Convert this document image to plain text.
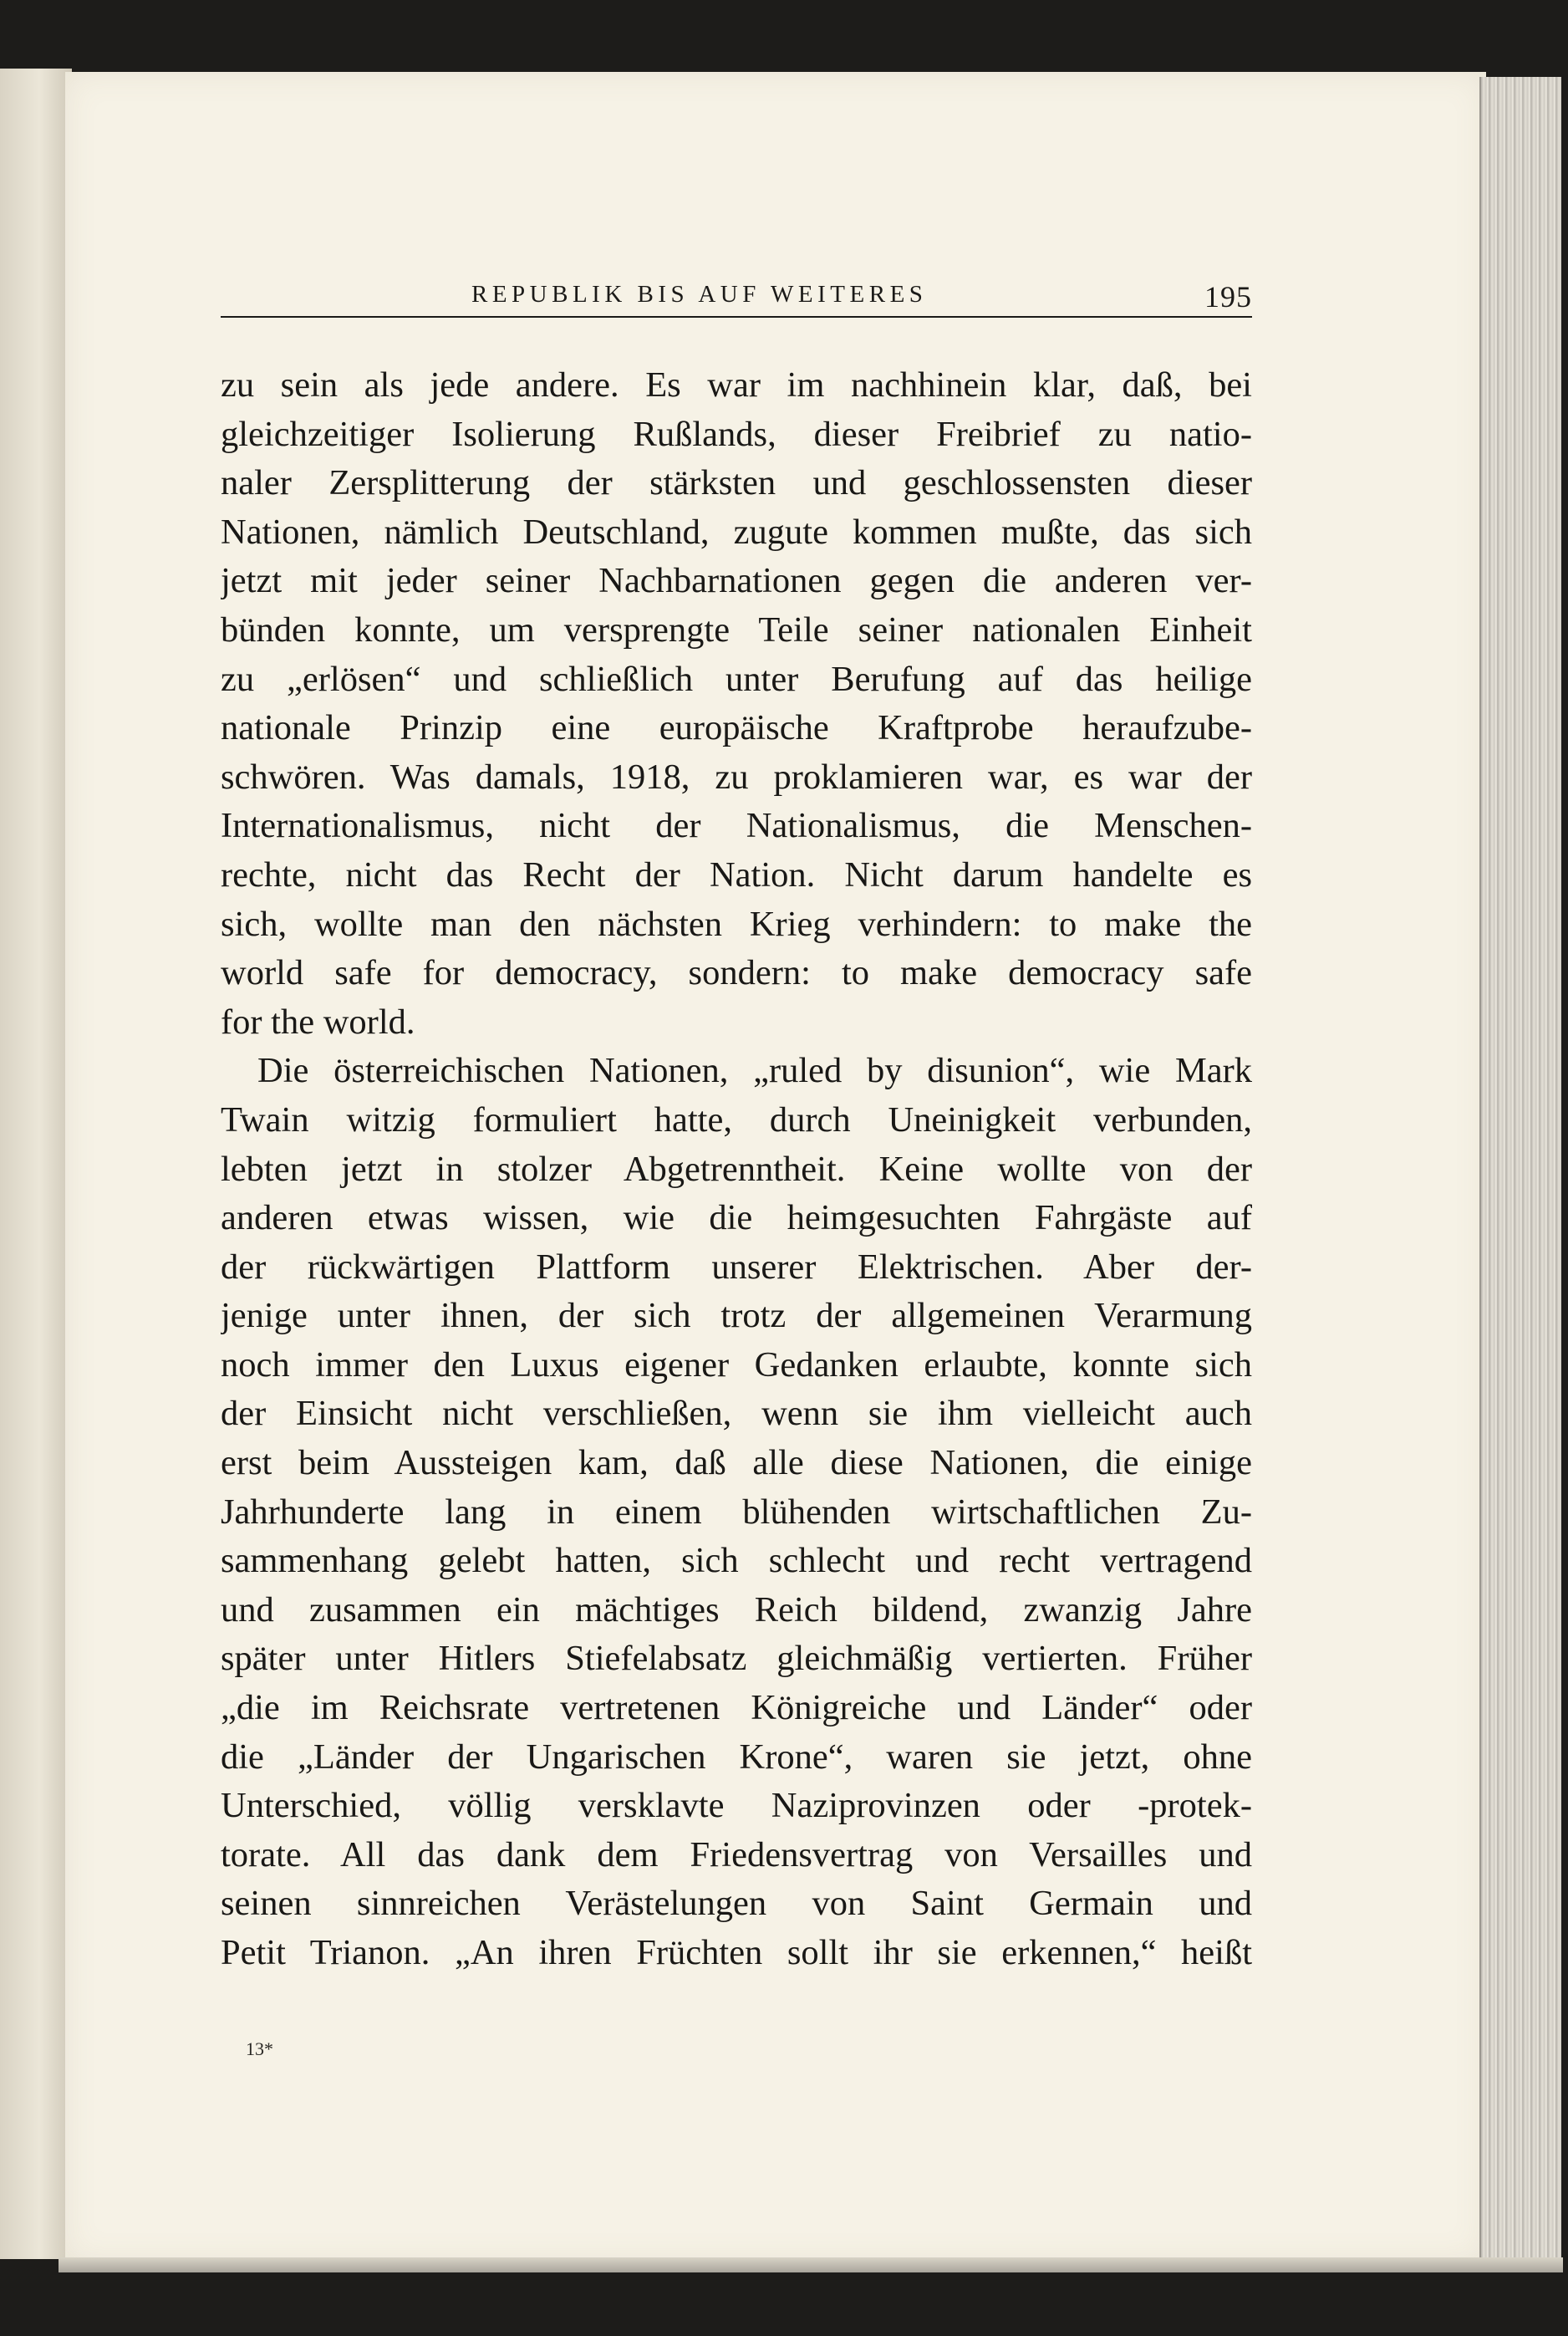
REPUBLIK BIS AUF WEITERES	195
zu sein als jede andere. Es war im nachhinein klar, daß, bei
gleichzeitiger Isolierung Rußlands, dieser Freibrief zu natio-
naler Zersplitterung der stärksten und geschlossensten dieser
Nationen, nämlich Deutschland, zugute kommen mußte, das sich
jetzt mit jeder seiner Nachbarnationen gegen die anderen ver-
bünden konnte, um versprengte Teile seiner nationalen Einheit
zu „erlösen“ und schließlich unter Berufung auf das heilige
nationale Prinzip eine europäische Kraftprobe heraufzube-
schwören. Was damals, 1918, zu proklamieren war, es war der
Internationalismus, nicht der Nationalismus, die Menschen-
rechte, nicht das Recht der Nation. Nicht darum handelte es
sich, wollte man den nächsten Krieg verhindern: to make the
world safe for democracy, sondern: to make democracy safe
for the world.
Die österreichischen Nationen, „ruled by disunion“, wie Mark
Twain witzig formuliert hatte, durch Uneinigkeit verbunden,
lebten jetzt in stolzer Abgetrenntheit. Keine wollte von der
anderen etwas wissen, wie die heimgesuchten Fahrgäste auf
der rückwärtigen Plattform unserer Elektrischen. Aber der-
jenige unter ihnen, der sich trotz der allgemeinen Verarmung
noch immer den Luxus eigener Gedanken erlaubte, konnte sich
der Einsicht nicht verschließen, wenn sie ihm vielleicht auch
erst beim Aussteigen kam, daß alle diese Nationen, die einige
Jahrhunderte lang in einem blühenden wirtschaftlichen Zu-
sammenhang gelebt hatten, sich schlecht und recht vertragend
und zusammen ein mächtiges Reich bildend, zwanzig Jahre
später unter Hitlers Stiefelabsatz gleichmäßig vertierten. Früher
„die im Reichsrate vertretenen Königreiche und Länder“ oder
die „Länder der Ungarischen Krone“, waren sie jetzt, ohne
Unterschied, völlig versklavte Naziprovinzen oder -protek-
torate. All das dank dem Friedensvertrag von Versailles und
seinen sinnreichen Verästelungen von Saint Germain und
Petit Trianon. „An ihren Früchten sollt ihr sie erkennen,“ heißt
13*
